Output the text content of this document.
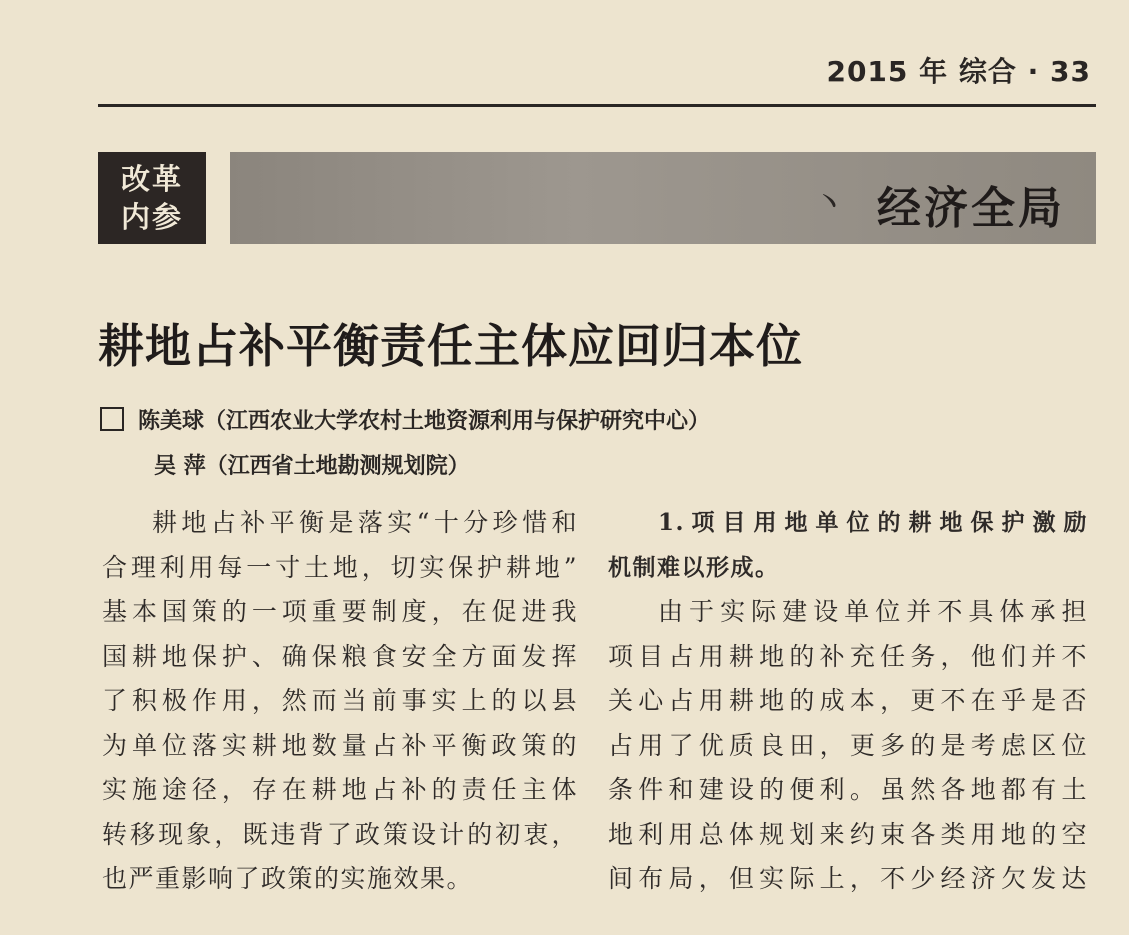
2015 年 综合 · 33
改革
内参	丶 经济全局
耕地占补平衡责任主体应回归本位
陈美球（江西农业大学农村土地资源利用与保护研究中心）
吴 萍（江西省土地勘测规划院）

耕地占补平衡是落实“十分珍惜和

合理利用每一寸土地，切实保护耕地”

基本国策的一项重要制度，在促进我

国耕地保护、确保粮食安全方面发挥

了积极作用，然而当前事实上的以县

为单位落实耕地数量占补平衡政策的

实施途径，存在耕地占补的责任主体

转移现象，既违背了政策设计的初衷，

也严重影响了政策的实施效果。

1.项目用地单位的耕地保护激励

机制难以形成。

由于实际建设单位并不具体承担

项目占用耕地的补充任务，他们并不

关心占用耕地的成本，更不在乎是否

占用了优质良田，更多的是考虑区位

条件和建设的便利。虽然各地都有土

地利用总体规划来约束各类用地的空

间布局，但实际上，不少经济欠发达
